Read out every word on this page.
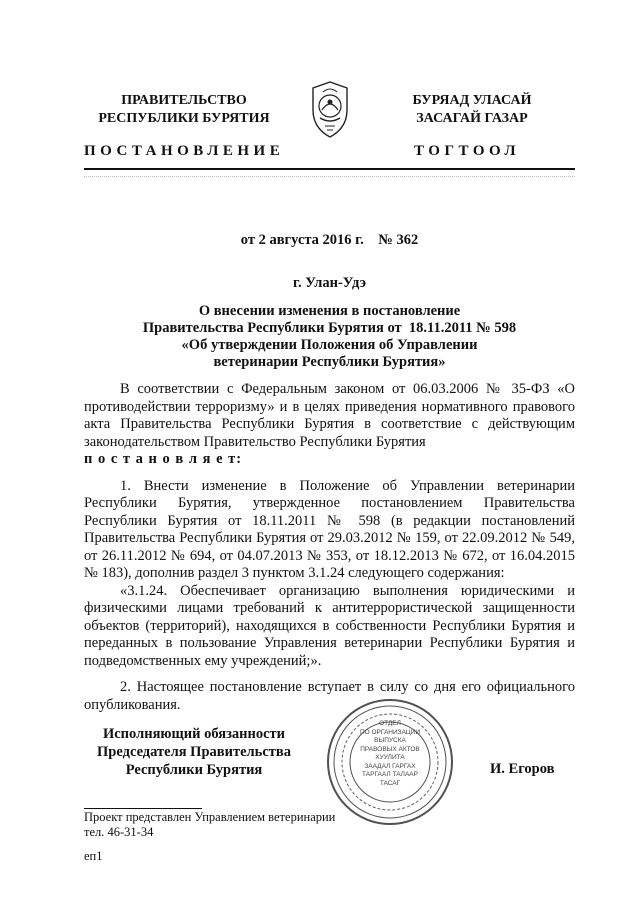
ПРАВИТЕЛЬСТВО
РЕСПУБЛИКИ БУРЯТИЯ
БУРЯАД УЛАСАЙ
ЗАСАГАЙ ГАЗАР
ПОСТАНОВЛЕНИЕ	ТОГТООЛ
от 2 августа 2016 г.    № 362
г. Улан-Удэ
О внесении изменения в постановление
Правительства Республики Бурятия от  18.11.2011 № 598
«Об утверждении Положения об Управлении
ветеринарии Республики Бурятия»

В соответствии с Федеральным законом от 06.03.2006 № 35-ФЗ «О противодействии терроризму» и в целях приведения нормативного правового акта Правительства Республики Бурятия в соответствие с действующим законодательством Правительство Республики Бурятия

п о с т а н о в л я е т:

1. Внести изменение в Положение об Управлении ветеринарии Республики Бурятия, утвержденное постановлением Правительства Республики Бурятия от 18.11.2011 № 598 (в редакции постановлений Правительства Республики Бурятия от 29.03.2012 № 159, от 22.09.2012 № 549, от 26.11.2012 № 694, от 04.07.2013 № 353, от 18.12.2013 № 672, от 16.04.2015 № 183), дополнив раздел 3 пунктом 3.1.24 следующего содержания:

«3.1.24. Обеспечивает организацию выполнения юридическими и физическими лицами требований к антитеррористической защищенности объектов (территорий), находящихся в собственности Республики Бурятия и переданных в пользование Управления ветеринарии Республики Бурятия и подведомственных ему учреждений;».

2. Настоящее постановление вступает в силу со дня его официального опубликования.

ОТДЕЛ
ПО ОРГАНИЗАЦИИ
ВЫПУСКА
ПРАВОВЫХ АКТОВ
ХУУЛИТА
ЗААДАЛ ГАРГАХ
ТАРГААЛ ТАЛААР
ТАСАГ
Исполняющий обязанности
Председателя Правительства
Республики Бурятия	И. Егоров
Проект представлен Управлением ветеринарии
тел. 46-31-34
еп1
